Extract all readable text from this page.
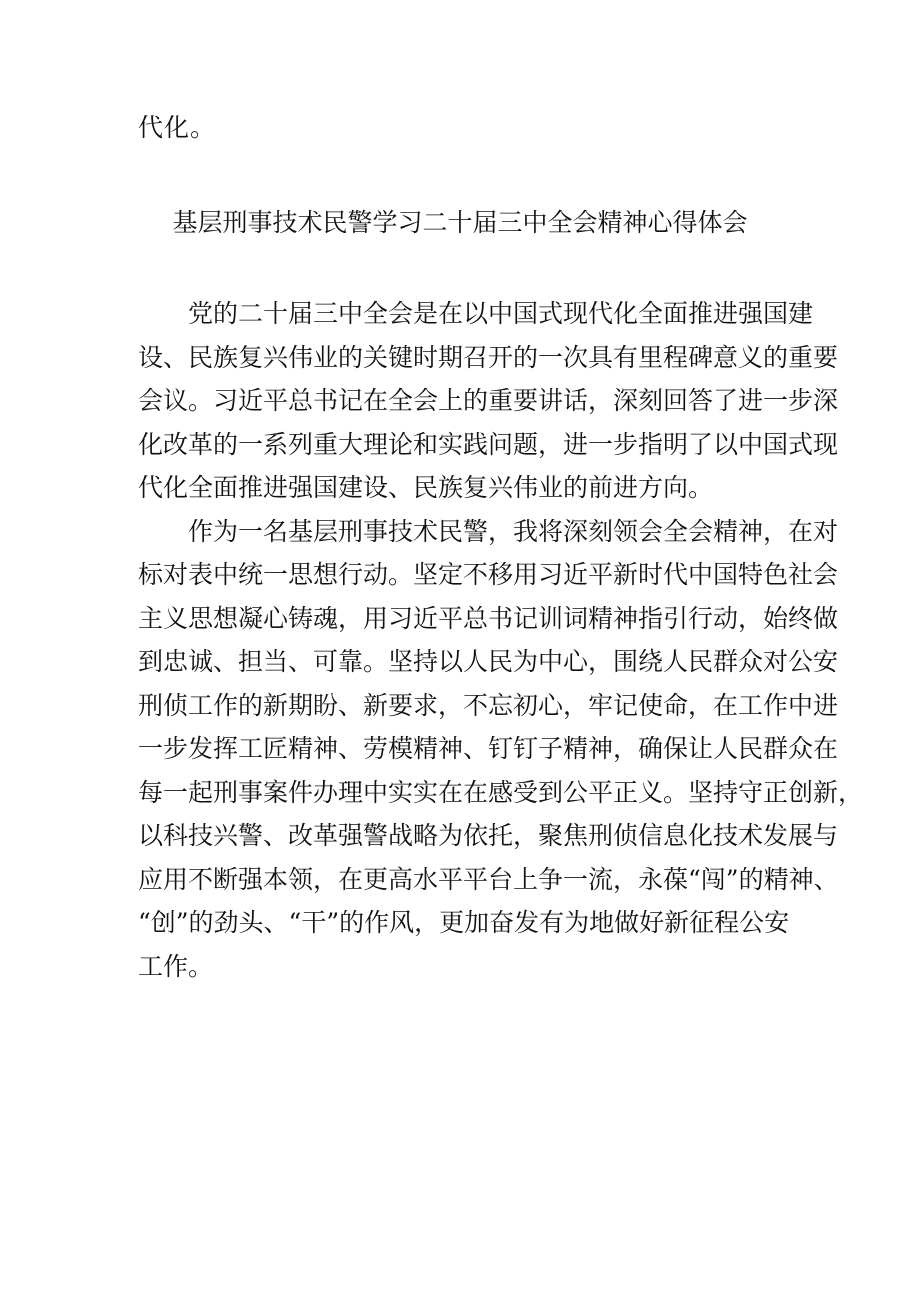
代化。
基层刑事技术民警学习二十届三中全会精神心得体会
　　党的二十届三中全会是在以中国式现代化全面推进强国建
设、民族复兴伟业的关键时期召开的一次具有里程碑意义的重要
会议。习近平总书记在全会上的重要讲话，深刻回答了进一步深
化改革的一系列重大理论和实践问题，进一步指明了以中国式现
代化全面推进强国建设、民族复兴伟业的前进方向。
　　作为一名基层刑事技术民警，我将深刻领会全会精神，在对
标对表中统一思想行动。坚定不移用习近平新时代中国特色社会
主义思想凝心铸魂，用习近平总书记训词精神指引行动，始终做
到忠诚、担当、可靠。坚持以人民为中心，围绕人民群众对公安
刑侦工作的新期盼、新要求，不忘初心，牢记使命，在工作中进
一步发挥工匠精神、劳模精神、钉钉子精神，确保让人民群众在
每一起刑事案件办理中实实在在感受到公平正义。坚持守正创新，
以科技兴警、改革强警战略为依托，聚焦刑侦信息化技术发展与
应用不断强本领，在更高水平平台上争一流，永葆“闯”的精神、
“创”的劲头、“干”的作风，更加奋发有为地做好新征程公安
工作。
